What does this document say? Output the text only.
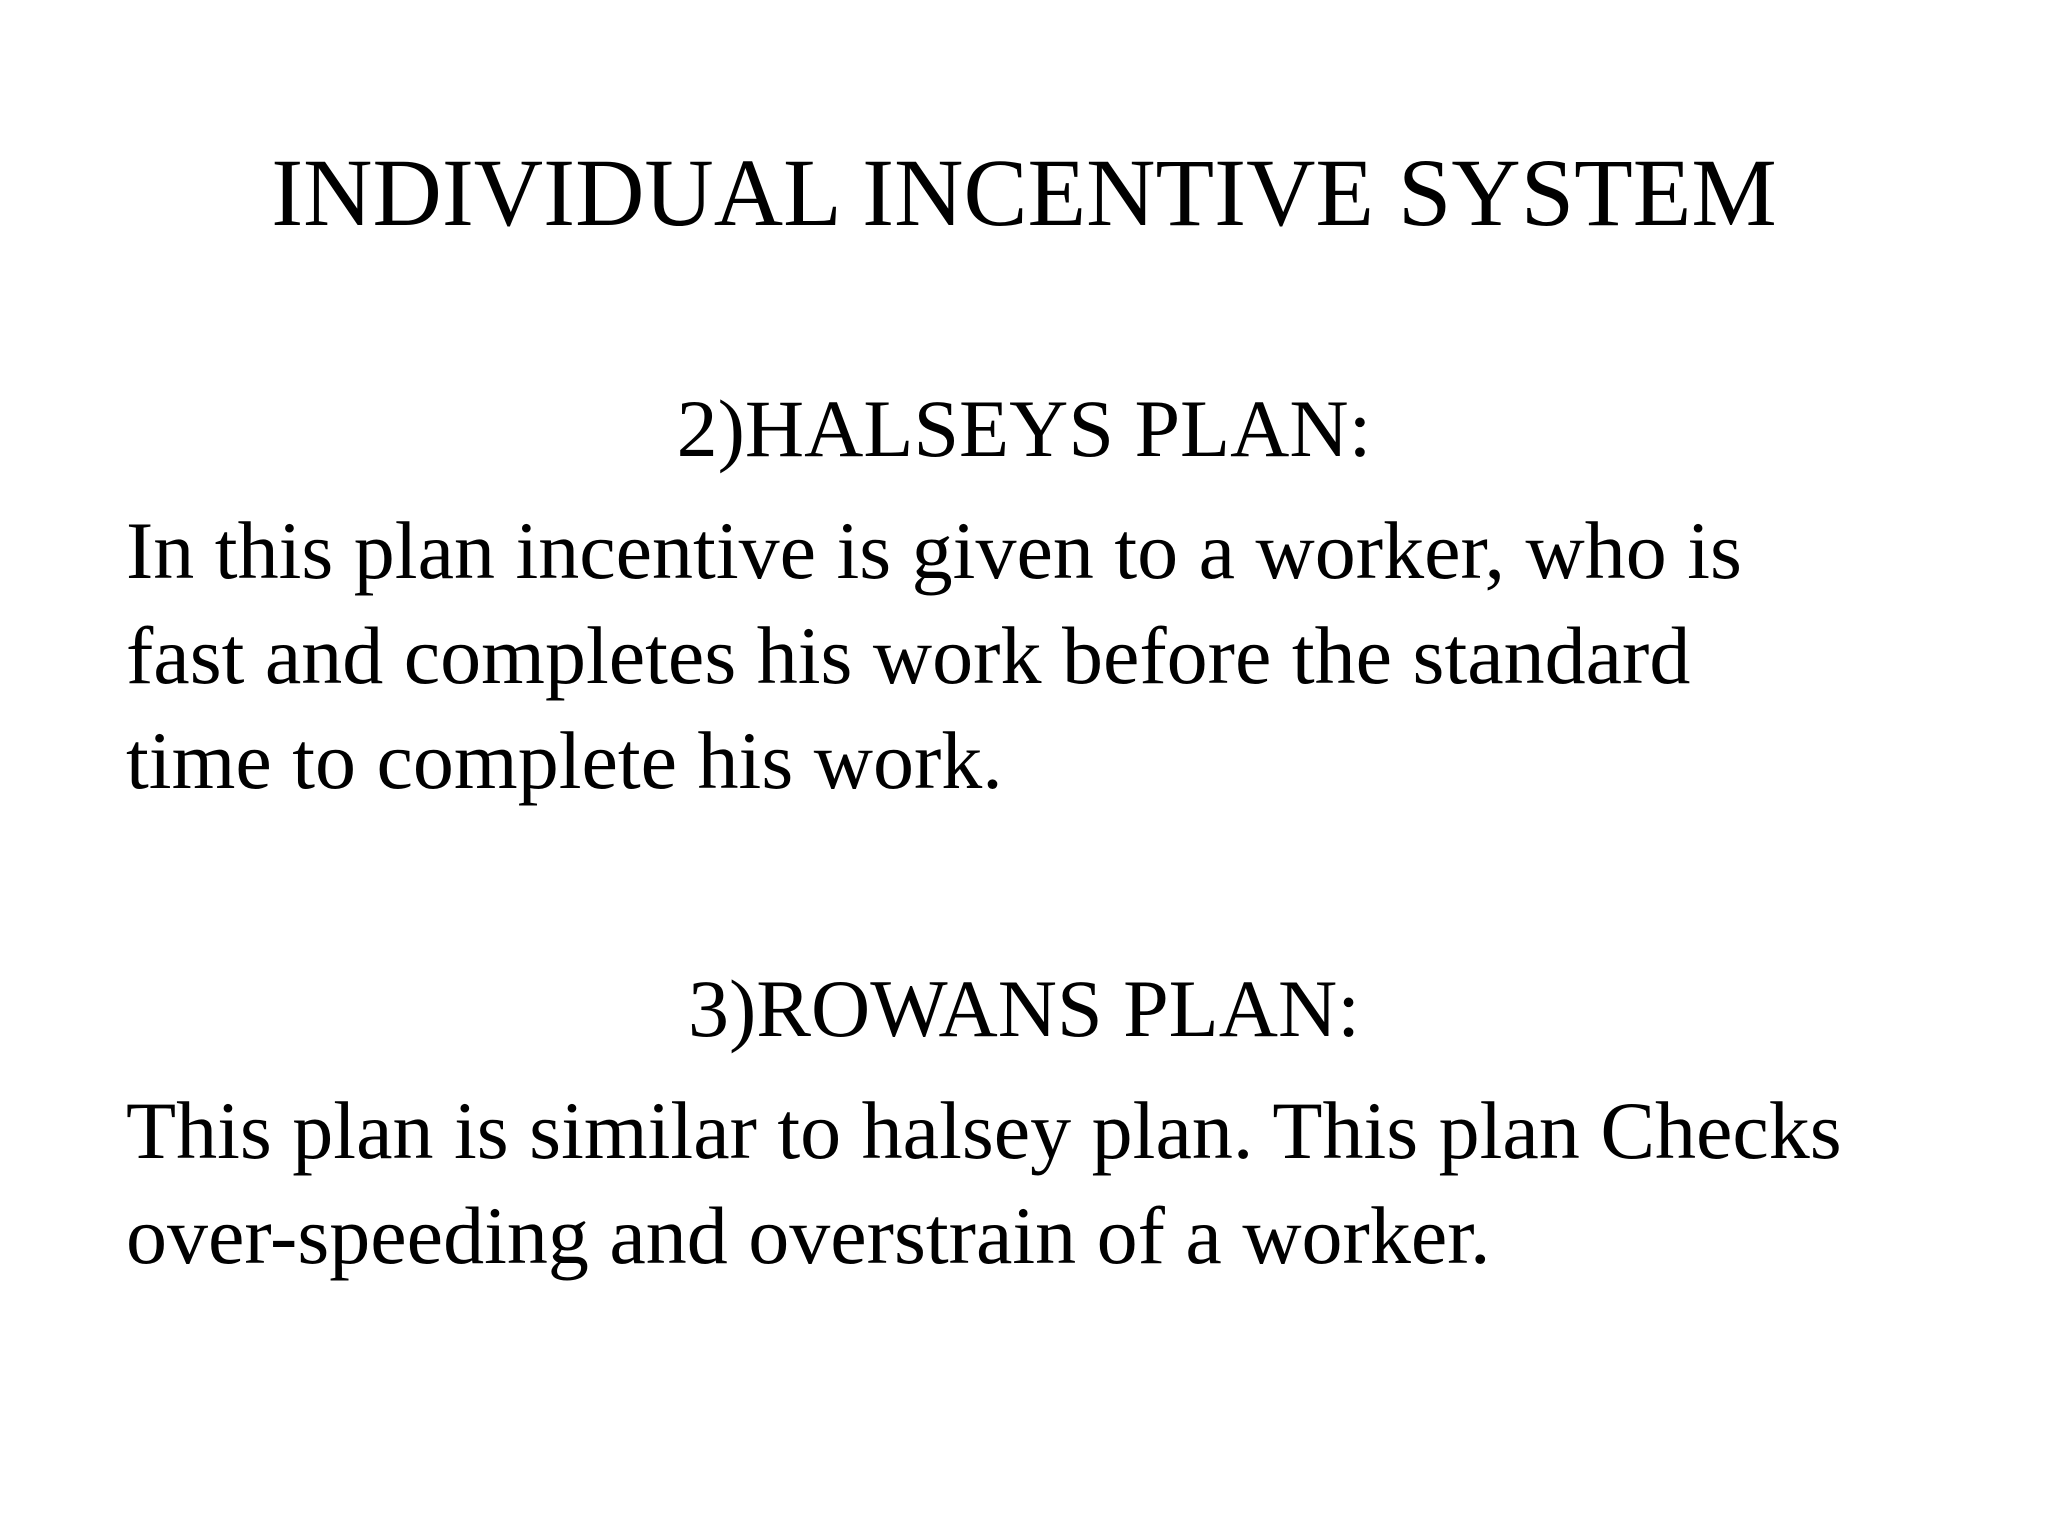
INDIVIDUAL INCENTIVE SYSTEM
2)HALSEYS PLAN:

In this plan incentive is given to a worker, who is
fast and completes his work before the standard
time to complete his work.

3)ROWANS PLAN:

This plan is similar to halsey plan. This plan Checks
over-speeding and overstrain of a worker.
